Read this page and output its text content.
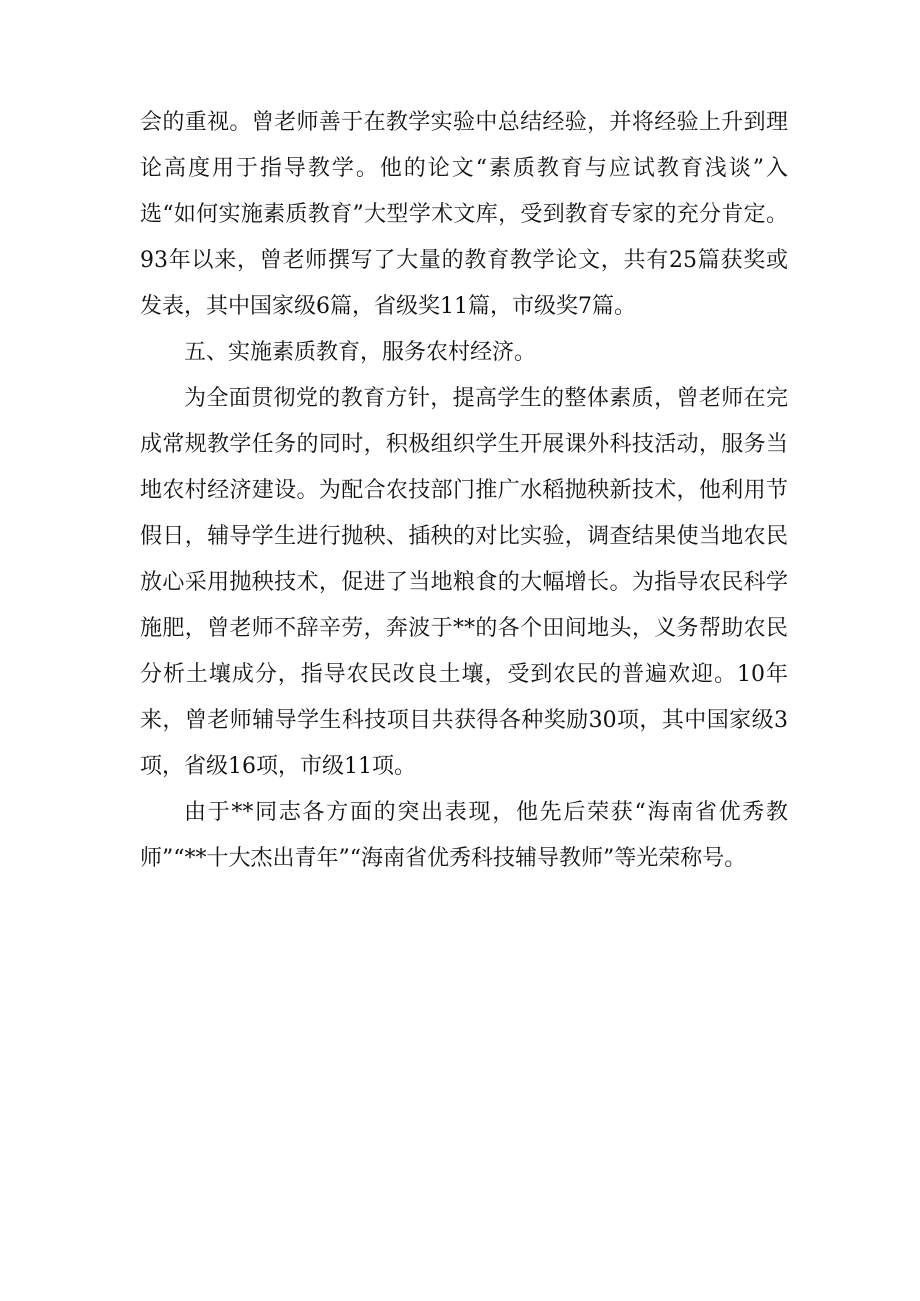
会的重视。曾老师善于在教学实验中总结经验，并将经验上升到理论高度用于指导教学。他的论文“素质教育与应试教育浅谈”入选“如何实施素质教育”大型学术文库，受到教育专家的充分肯定。93年以来，曾老师撰写了大量的教育教学论文，共有25篇获奖或发表，其中国家级6篇，省级奖11篇，市级奖7篇。

五、实施素质教育，服务农村经济。

为全面贯彻党的教育方针，提高学生的整体素质，曾老师在完成常规教学任务的同时，积极组织学生开展课外科技活动，服务当地农村经济建设。为配合农技部门推广水稻抛秧新技术，他利用节假日，辅导学生进行抛秧、插秧的对比实验，调查结果使当地农民放心采用抛秧技术，促进了当地粮食的大幅增长。为指导农民科学施肥，曾老师不辞辛劳，奔波于**的各个田间地头，义务帮助农民分析土壤成分，指导农民改良土壤，受到农民的普遍欢迎。10年来，曾老师辅导学生科技项目共获得各种奖励30项，其中国家级3项，省级16项，市级11项。

由于**同志各方面的突出表现，他先后荣获“海南省优秀教师”“**十大杰出青年”“海南省优秀科技辅导教师”等光荣称号。
